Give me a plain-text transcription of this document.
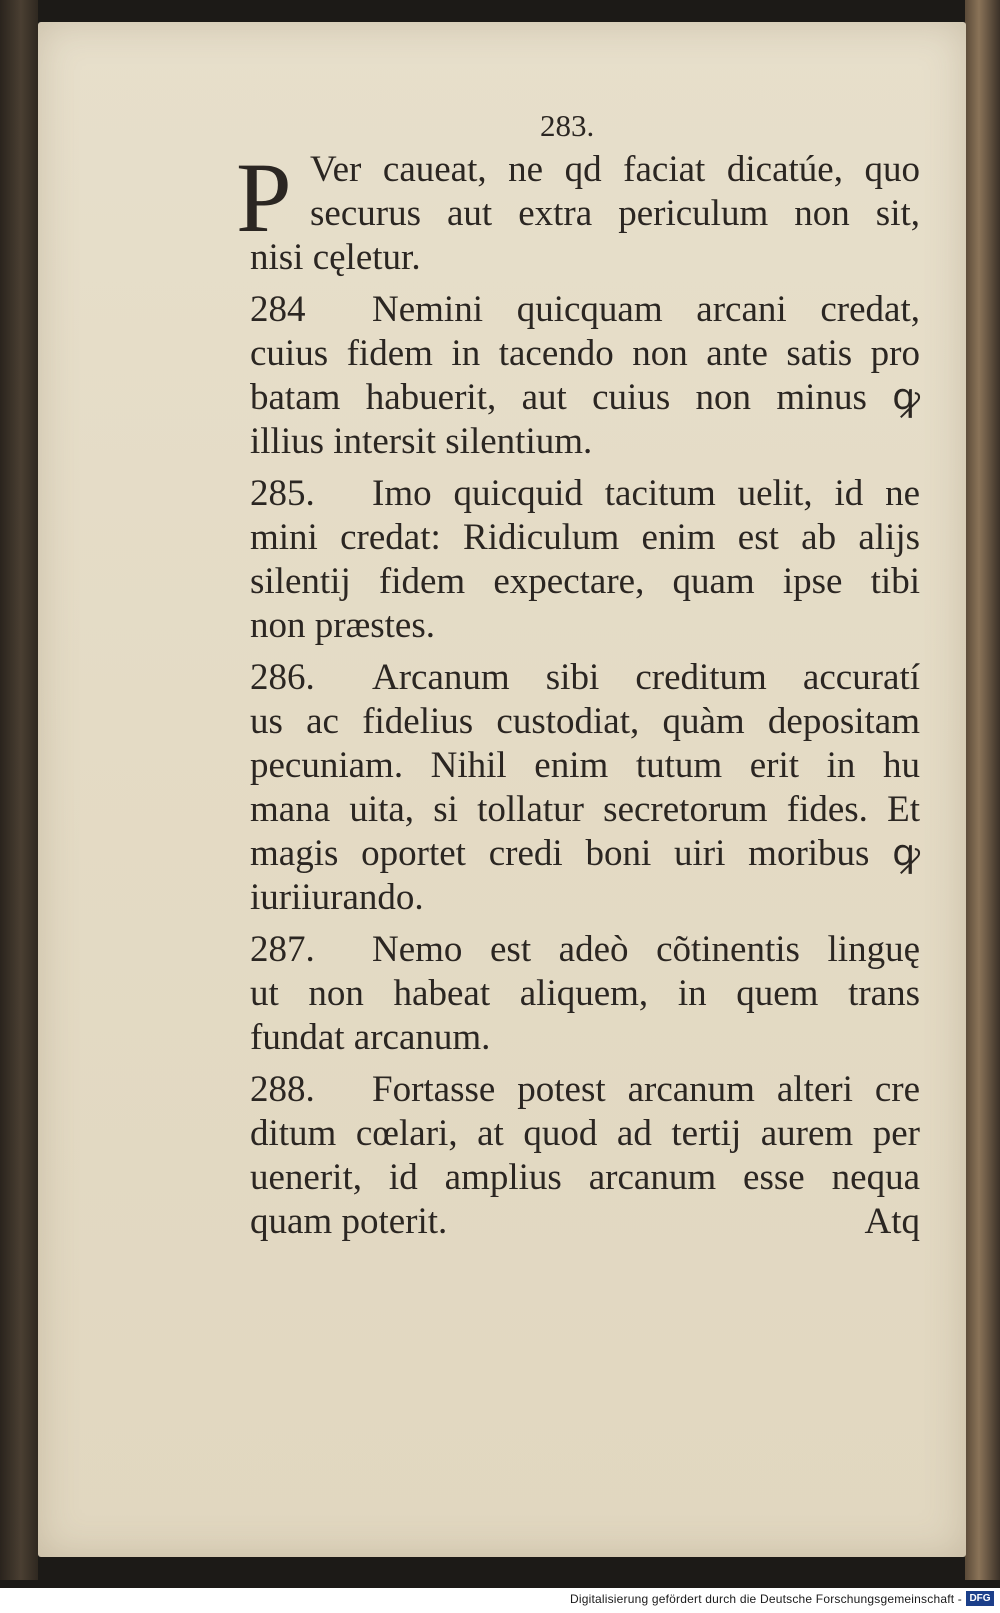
283.
P Ver caueat, ne qd faciat dicatúe, quo
securus aut extra periculum non sit,
nisi cęletur.
284 Nemini quicquam arcani credat,
cuius fidem in tacendo non ante satis pro
batam habuerit, aut cuius non minus ꝙ
illius intersit silentium.
285. Imo quicquid tacitum uelit, id ne
mini credat: Ridiculum enim est ab alijs
silentij fidem expectare, quam ipse tibi
non præstes.
286. Arcanum sibi creditum accuratí
us ac fidelius custodiat, quàm depositam
pecuniam. Nihil enim tutum erit in hu
mana uita, si tollatur secretorum fides. Et
magis oportet credi boni uiri moribus ꝙ
iuriiurando.
287. Nemo est adeò cõtinentis linguę
ut non habeat aliquem, in quem trans
fundat arcanum.
288. Fortasse potest arcanum alteri cre
ditum cœlari, at quod ad tertij aurem per
uenerit, id amplius arcanum esse nequa
quam poterit.	Atq
Digitalisierung gefördert durch die Deutsche Forschungsgemeinschaft - DFG
